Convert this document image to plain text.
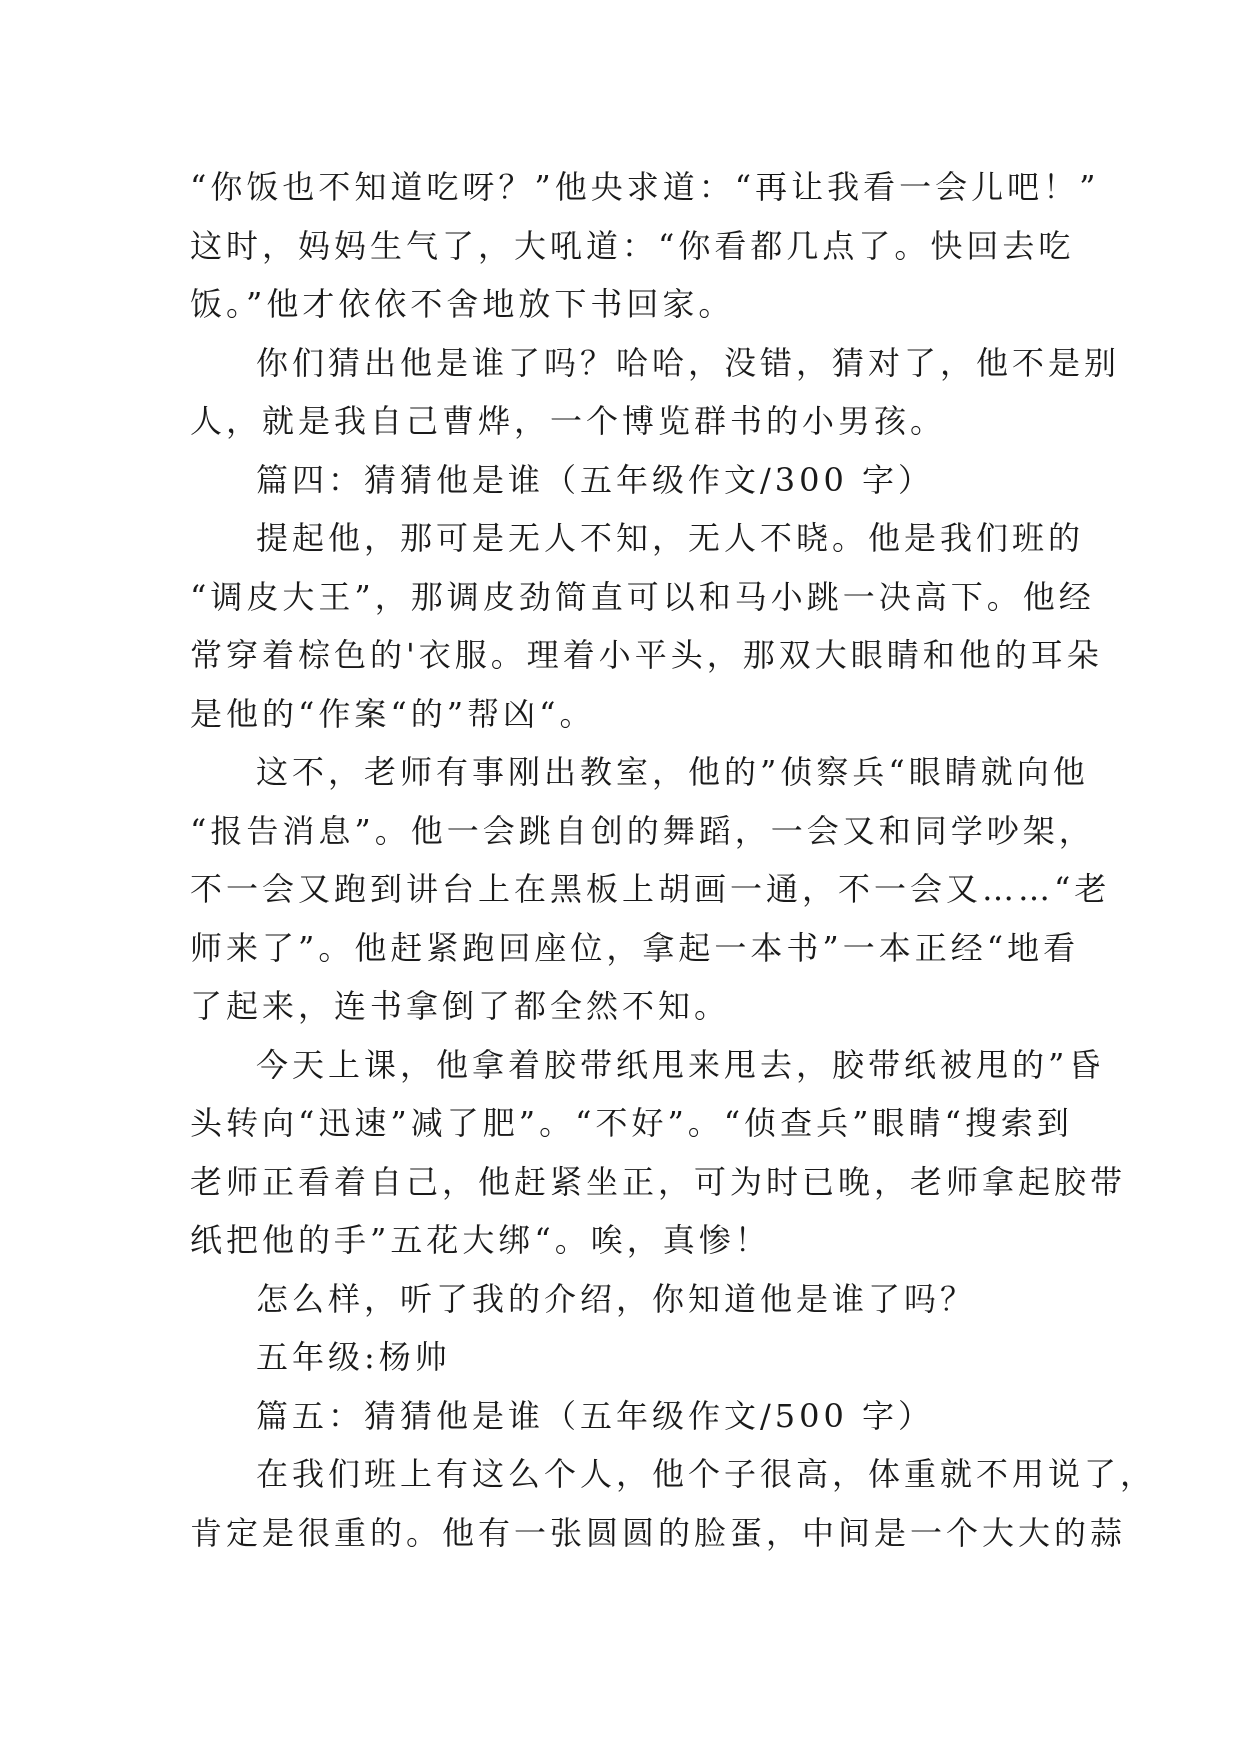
“你饭也不知道吃呀？”他央求道：“再让我看一会儿吧！”
这时，妈妈生气了，大吼道：“你看都几点了。快回去吃
饭。”他才依依不舍地放下书回家。
你们猜出他是谁了吗？哈哈，没错，猜对了，他不是别
人，就是我自己曹烨，一个博览群书的小男孩。
篇四：猜猜他是谁（五年级作文/300 字）
提起他，那可是无人不知，无人不晓。他是我们班的
“调皮大王”，那调皮劲简直可以和马小跳一决高下。他经
常穿着棕色的'衣服。理着小平头，那双大眼睛和他的耳朵
是他的“作案“的”帮凶“。
这不，老师有事刚出教室，他的”侦察兵“眼睛就向他
“报告消息”。他一会跳自创的舞蹈，一会又和同学吵架，
不一会又跑到讲台上在黑板上胡画一通，不一会又……“老
师来了”。他赶紧跑回座位，拿起一本书”一本正经“地看
了起来，连书拿倒了都全然不知。
今天上课，他拿着胶带纸甩来甩去，胶带纸被甩的”昏
头转向“迅速”减了肥”。“不好”。“侦查兵”眼睛“搜索到
老师正看着自己，他赶紧坐正，可为时已晚，老师拿起胶带
纸把他的手”五花大绑“。唉，真惨！
怎么样，听了我的介绍，你知道他是谁了吗？
五年级:杨帅
篇五：猜猜他是谁（五年级作文/500 字）
在我们班上有这么个人，他个子很高，体重就不用说了，
肯定是很重的。他有一张圆圆的脸蛋，中间是一个大大的蒜
